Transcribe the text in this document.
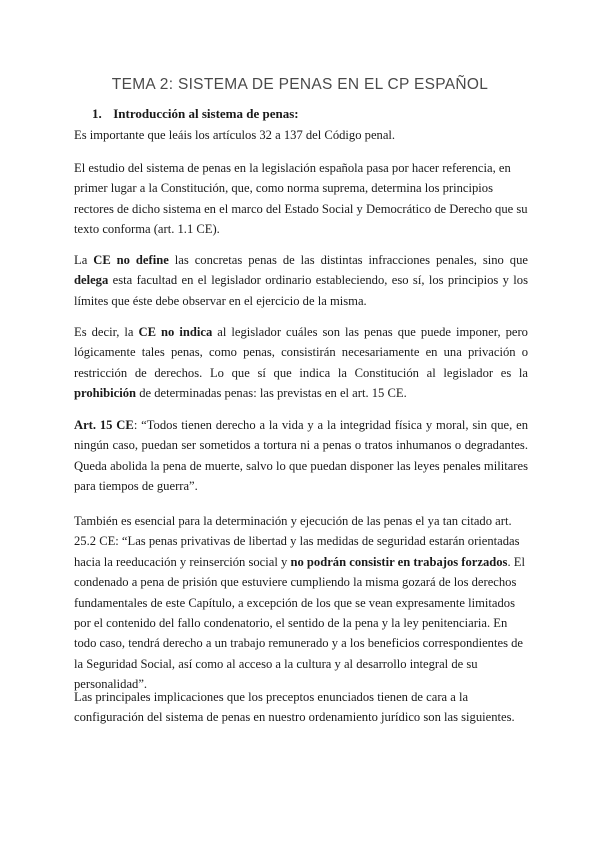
TEMA 2: SISTEMA DE PENAS EN EL CP ESPAÑOL
1. Introducción al sistema de penas:
Es importante que leáis los artículos 32 a 137 del Código penal.
El estudio del sistema de penas en la legislación española pasa por hacer referencia, en primer lugar a la Constitución, que, como norma suprema, determina los principios rectores de dicho sistema en el marco del Estado Social y Democrático de Derecho que su texto conforma (art. 1.1 CE).
La CE no define las concretas penas de las distintas infracciones penales, sino que delega esta facultad en el legislador ordinario estableciendo, eso sí, los principios y los límites que éste debe observar en el ejercicio de la misma.
Es decir, la CE no indica al legislador cuáles son las penas que puede imponer, pero lógicamente tales penas, como penas, consistirán necesariamente en una privación o restricción de derechos. Lo que sí que indica la Constitución al legislador es la prohibición de determinadas penas: las previstas en el art. 15 CE.
Art. 15 CE: “Todos tienen derecho a la vida y a la integridad física y moral, sin que, en ningún caso, puedan ser sometidos a tortura ni a penas o tratos inhumanos o degradantes. Queda abolida la pena de muerte, salvo lo que puedan disponer las leyes penales militares para tiempos de guerra”.
También es esencial para la determinación y ejecución de las penas el ya tan citado art. 25.2 CE: “Las penas privativas de libertad y las medidas de seguridad estarán orientadas hacia la reeducación y reinserción social y no podrán consistir en trabajos forzados. El condenado a pena de prisión que estuviere cumpliendo la misma gozará de los derechos fundamentales de este Capítulo, a excepción de los que se vean expresamente limitados por el contenido del fallo condenatorio, el sentido de la pena y la ley penitenciaria. En todo caso, tendrá derecho a un trabajo remunerado y a los beneficios correspondientes de la Seguridad Social, así como al acceso a la cultura y al desarrollo integral de su personalidad”.
Las principales implicaciones que los preceptos enunciados tienen de cara a la configuración del sistema de penas en nuestro ordenamiento jurídico son las siguientes.
